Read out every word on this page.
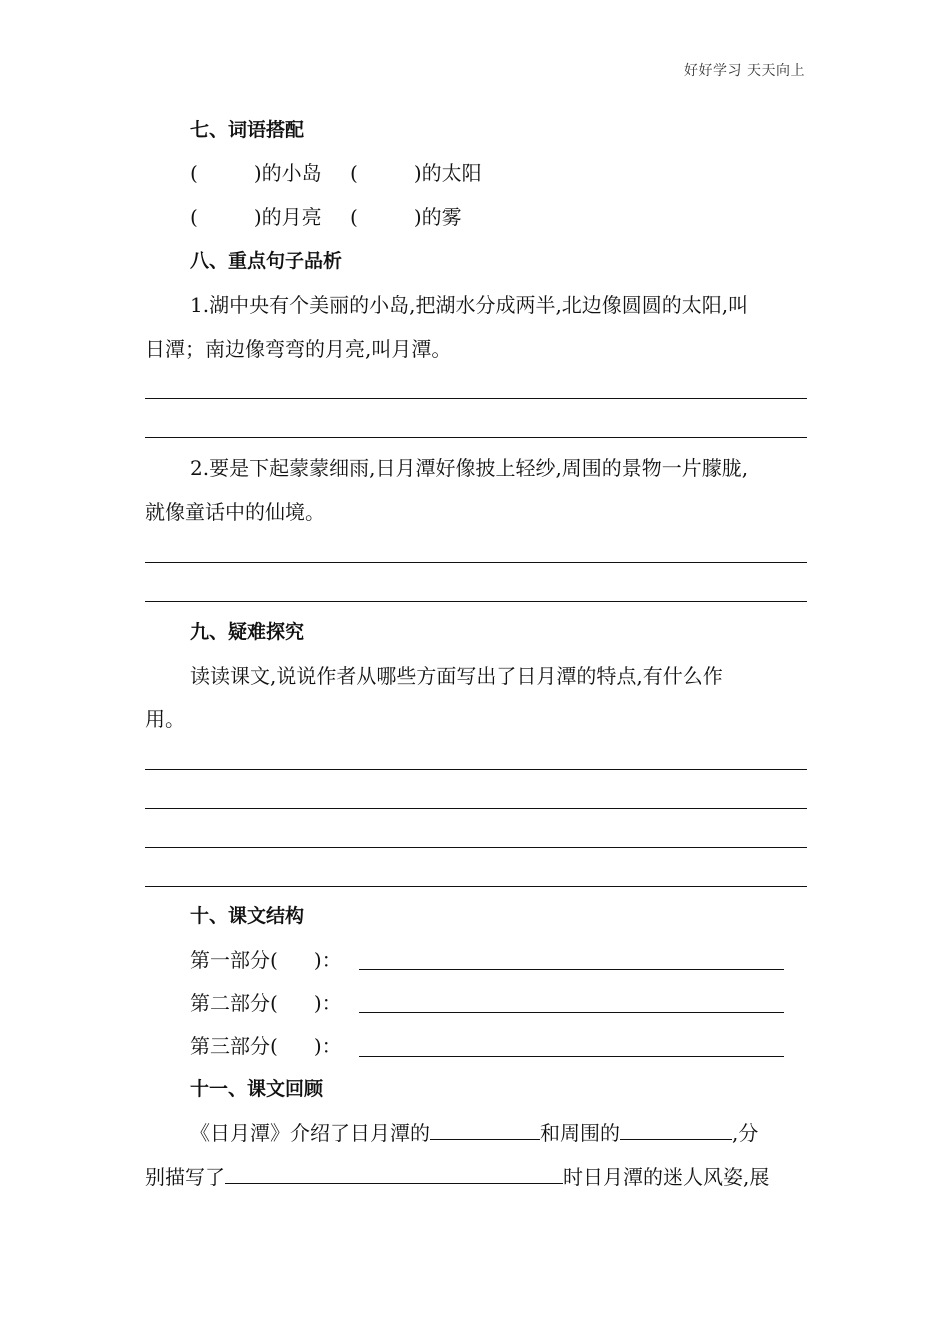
好好学习 天天向上
七、词语搭配
(	)的小岛 (	)的太阳
(	)的月亮 (	)的雾
八、重点句子品析
1.湖中央有个美丽的小岛,把湖水分成两半,北边像圆圆的太阳,叫
日潭；南边像弯弯的月亮,叫月潭。
2.要是下起蒙蒙细雨,日月潭好像披上轻纱,周围的景物一片朦胧,
就像童话中的仙境。
九、疑难探究
读读课文,说说作者从哪些方面写出了日月潭的特点,有什么作
用。
十、课文结构
第一部分( )：
第二部分( )：
第三部分( )：
十一、课文回顾
《日月潭》介绍了日月潭的	和周围的	,分
别描写了	时日月潭的迷人风姿,展
